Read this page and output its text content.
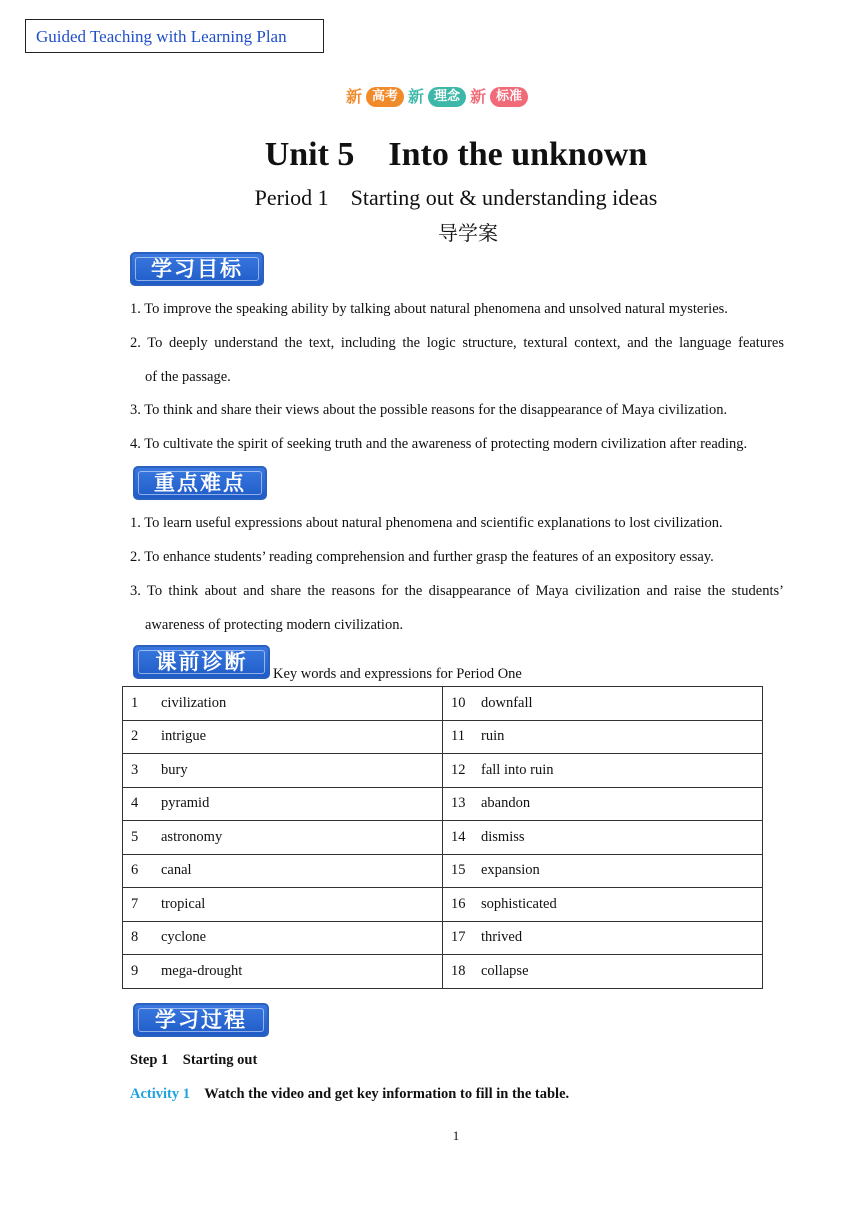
Guided Teaching with Learning Plan
新 高考 新 理念 新 标准
Unit 5    Into the unknown
Period 1    Starting out & understanding ideas
导学案
学习目标
1. To improve the speaking ability by talking about natural phenomena and unsolved natural mysteries.
2. To deeply understand the text, including the logic structure, textural context, and the language features
of the passage.
3. To think and share their views about the possible reasons for the disappearance of Maya civilization.
4. To cultivate the spirit of seeking truth and the awareness of protecting modern civilization after reading.
重点难点
1. To learn useful expressions about natural phenomena and scientific explanations to lost civilization.
2. To enhance students’ reading comprehension and further grasp the features of an expository essay.
3. To think about and share the reasons for the disappearance of Maya civilization and raise the students’
awareness of protecting modern civilization.
课前诊断	Key words and expressions for Period One
1 civilization	10 downfall
2 intrigue	11 ruin
3 bury	12 fall into ruin
4 pyramid	13 abandon
5 astronomy	14 dismiss
6 canal	15 expansion
7 tropical	16 sophisticated
8 cyclone	17 thrived
9 mega-drought	18 collapse
学习过程
Step 1    Starting out
Activity 1    Watch the video and get key information to fill in the table.
1
